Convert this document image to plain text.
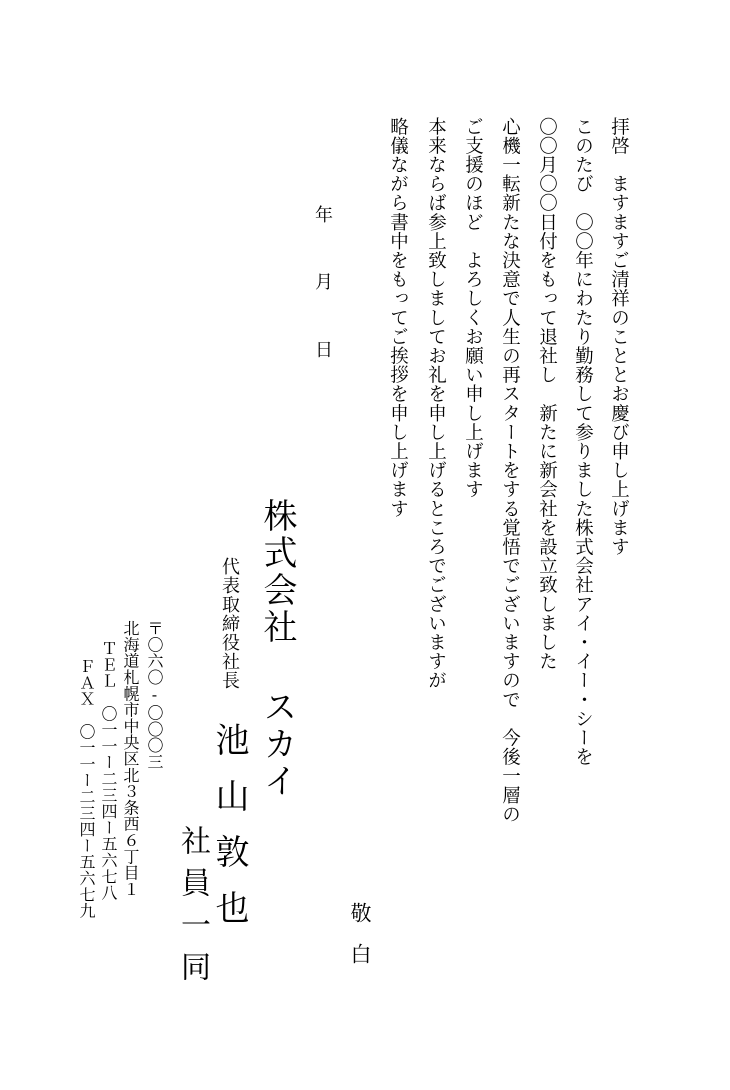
拝啓　ますますご清祥のこととお慶び申し上げます
このたび　〇〇年にわたり勤務して参りました株式会社アイ・イー・シーを
〇〇月〇〇日付をもって退社し　新たに新会社を設立致しました
心機一転新たな決意で人生の再スタートをする覚悟でございますので　今後一層の
ご支援のほど　よろしくお願い申し上げます
本来ならば参上致しましてお礼を申し上げるところでございますが
略儀ながら書中をもってご挨拶を申し上げます
年
月
日
敬白
株式会社 スカイ
代表取締役社長
池山敦也
社員一同
〒〇六〇-〇〇〇三
北海道札幌市中央区北３条西６丁目１
ＴＥＬ　〇一一ー二三四ー五六七八
ＦＡＸ　〇一一ー二三四ー五六七九
